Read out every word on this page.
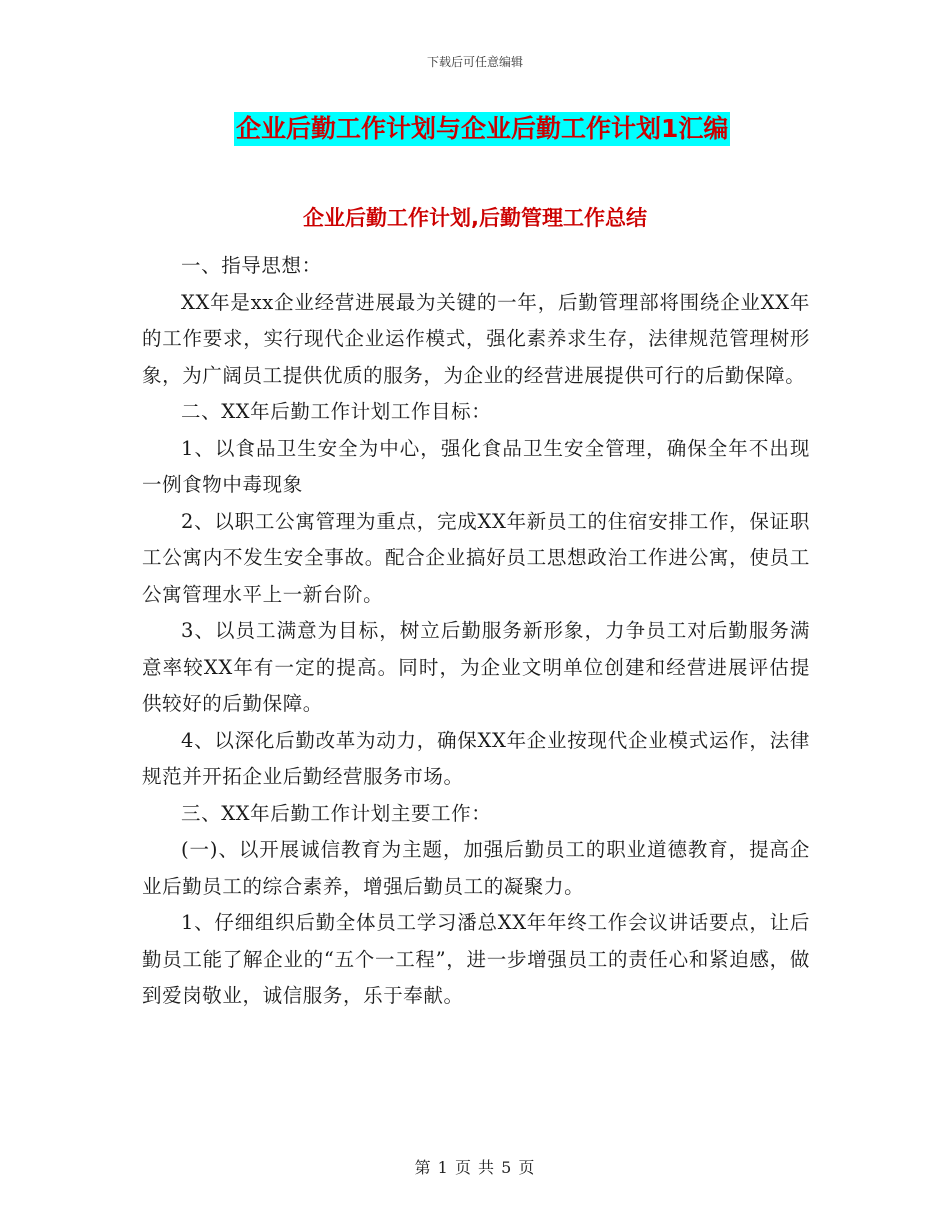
下载后可任意编辑
企业后勤工作计划与企业后勤工作计划1汇编
企业后勤工作计划,后勤管理工作总结

一、指导思想：

XX年是xx企业经营进展最为关键的一年，后勤管理部将围绕企业XX年的工作要求，实行现代企业运作模式，强化素养求生存，法律规范管理树形象，为广阔员工提供优质的服务，为企业的经营进展提供可行的后勤保障。

二、XX年后勤工作计划工作目标：

1、以食品卫生安全为中心，强化食品卫生安全管理，确保全年不出现一例食物中毒现象

2、以职工公寓管理为重点，完成XX年新员工的住宿安排工作，保证职工公寓内不发生安全事故。配合企业搞好员工思想政治工作进公寓，使员工公寓管理水平上一新台阶。

3、以员工满意为目标，树立后勤服务新形象，力争员工对后勤服务满意率较XX年有一定的提高。同时，为企业文明单位创建和经营进展评估提供较好的后勤保障。

4、以深化后勤改革为动力，确保XX年企业按现代企业模式运作，法律规范并开拓企业后勤经营服务市场。

三、XX年后勤工作计划主要工作：

(一)、以开展诚信教育为主题，加强后勤员工的职业道德教育，提高企业后勤员工的综合素养，增强后勤员工的凝聚力。

1、仔细组织后勤全体员工学习潘总XX年年终工作会议讲话要点，让后勤员工能了解企业的“五个一工程”，进一步增强员工的责任心和紧迫感，做到爱岗敬业，诚信服务，乐于奉献。

第 1 页 共 5 页
